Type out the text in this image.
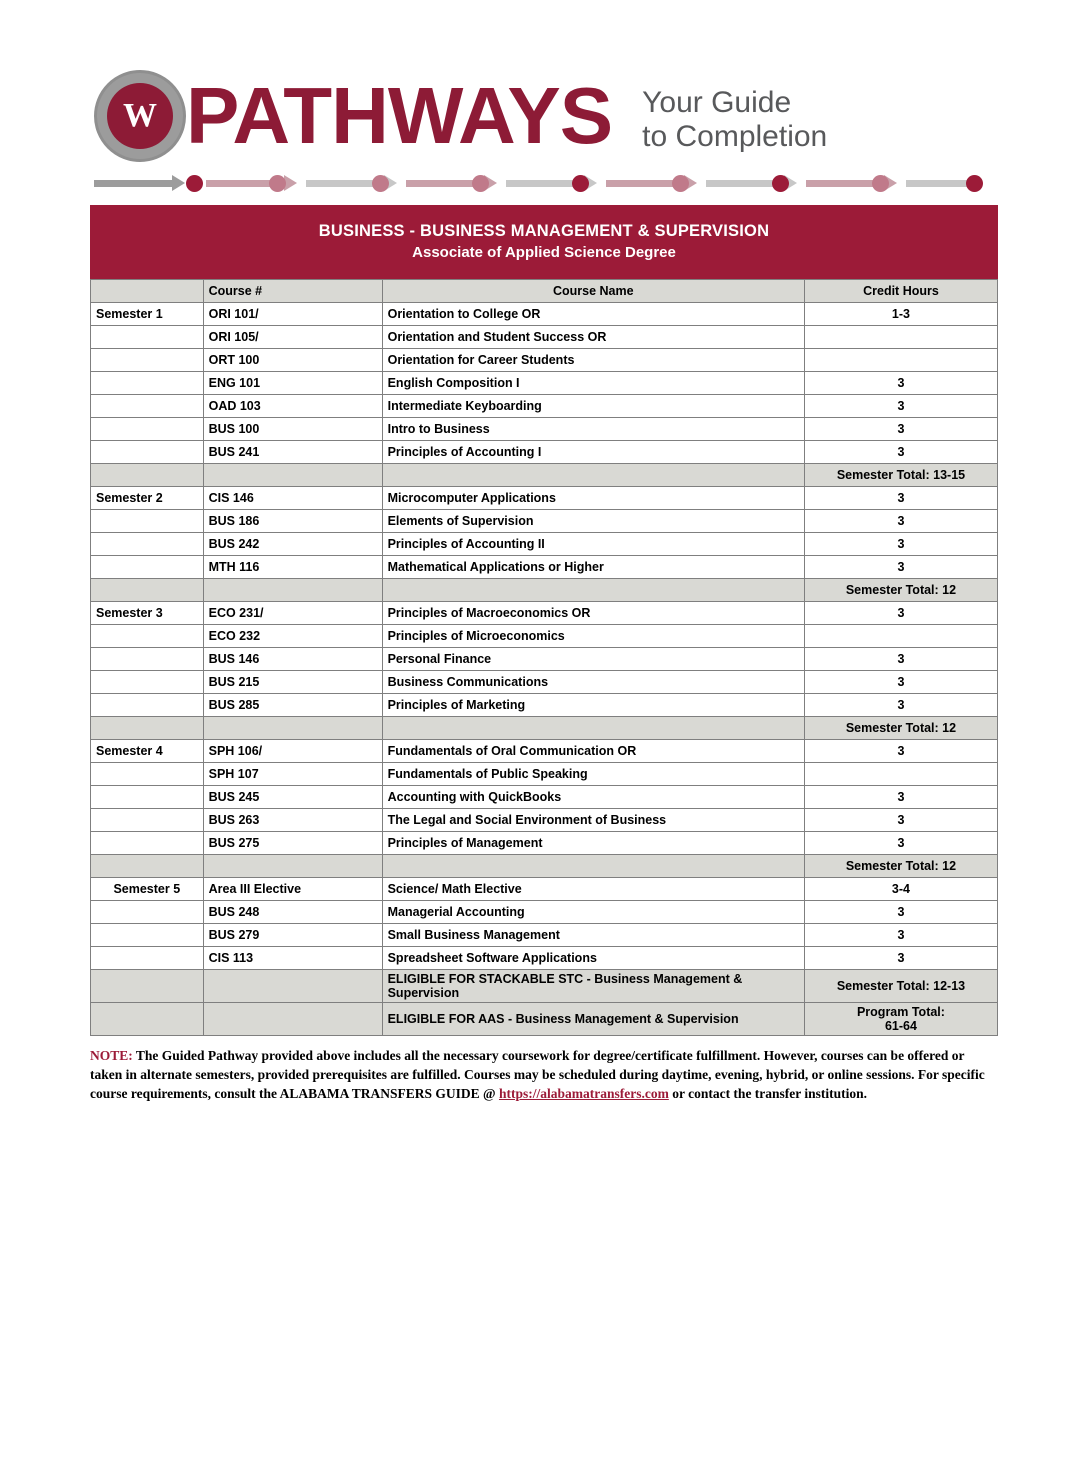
W PATHWAYS Your Guide
to Completion
BUSINESS - BUSINESS MANAGEMENT & SUPERVISION
Associate of Applied Science Degree
	Course #	Course Name	Credit Hours
Semester 1	ORI 101/	Orientation to College OR	1-3
	ORI 105/	Orientation and Student Success OR	
	ORT 100	Orientation for Career Students	
	ENG 101	English Composition I	3
	OAD 103	Intermediate Keyboarding	3
	BUS 100	Intro to Business	3
	BUS 241	Principles of Accounting I	3
			Semester Total: 13-15
Semester 2	CIS 146	Microcomputer Applications	3
	BUS 186	Elements of Supervision	3
	BUS 242	Principles of Accounting II	3
	MTH 116	Mathematical Applications or Higher	3
			Semester Total: 12
Semester 3	ECO 231/	Principles of Macroeconomics OR	3
	ECO 232	Principles of Microeconomics	
	BUS 146	Personal Finance	3
	BUS 215	Business Communications	3
	BUS 285	Principles of Marketing	3
			Semester Total: 12
Semester 4	SPH 106/	Fundamentals of Oral Communication OR	3
	SPH 107	Fundamentals of Public Speaking	
	BUS 245	Accounting with QuickBooks	3
	BUS 263	The Legal and Social Environment of Business	3
	BUS 275	Principles of Management	3
			Semester Total: 12
Semester 5	Area III Elective	Science/ Math Elective	3-4
	BUS 248	Managerial Accounting	3
	BUS 279	Small Business Management	3
	CIS 113	Spreadsheet Software Applications	3
		ELIGIBLE FOR STACKABLE STC - Business Management & Supervision	Semester Total: 12-13
		ELIGIBLE FOR AAS - Business Management & Supervision	Program Total:
61-64
NOTE: The Guided Pathway provided above includes all the necessary coursework for degree/certificate fulfillment. However, courses can be offered or taken in alternate semesters, provided prerequisites are fulfilled. Courses may be scheduled during daytime, evening, hybrid, or online sessions. For specific course requirements, consult the ALABAMA TRANSFERS GUIDE @ https://alabamatransfers.com or contact the transfer institution.
